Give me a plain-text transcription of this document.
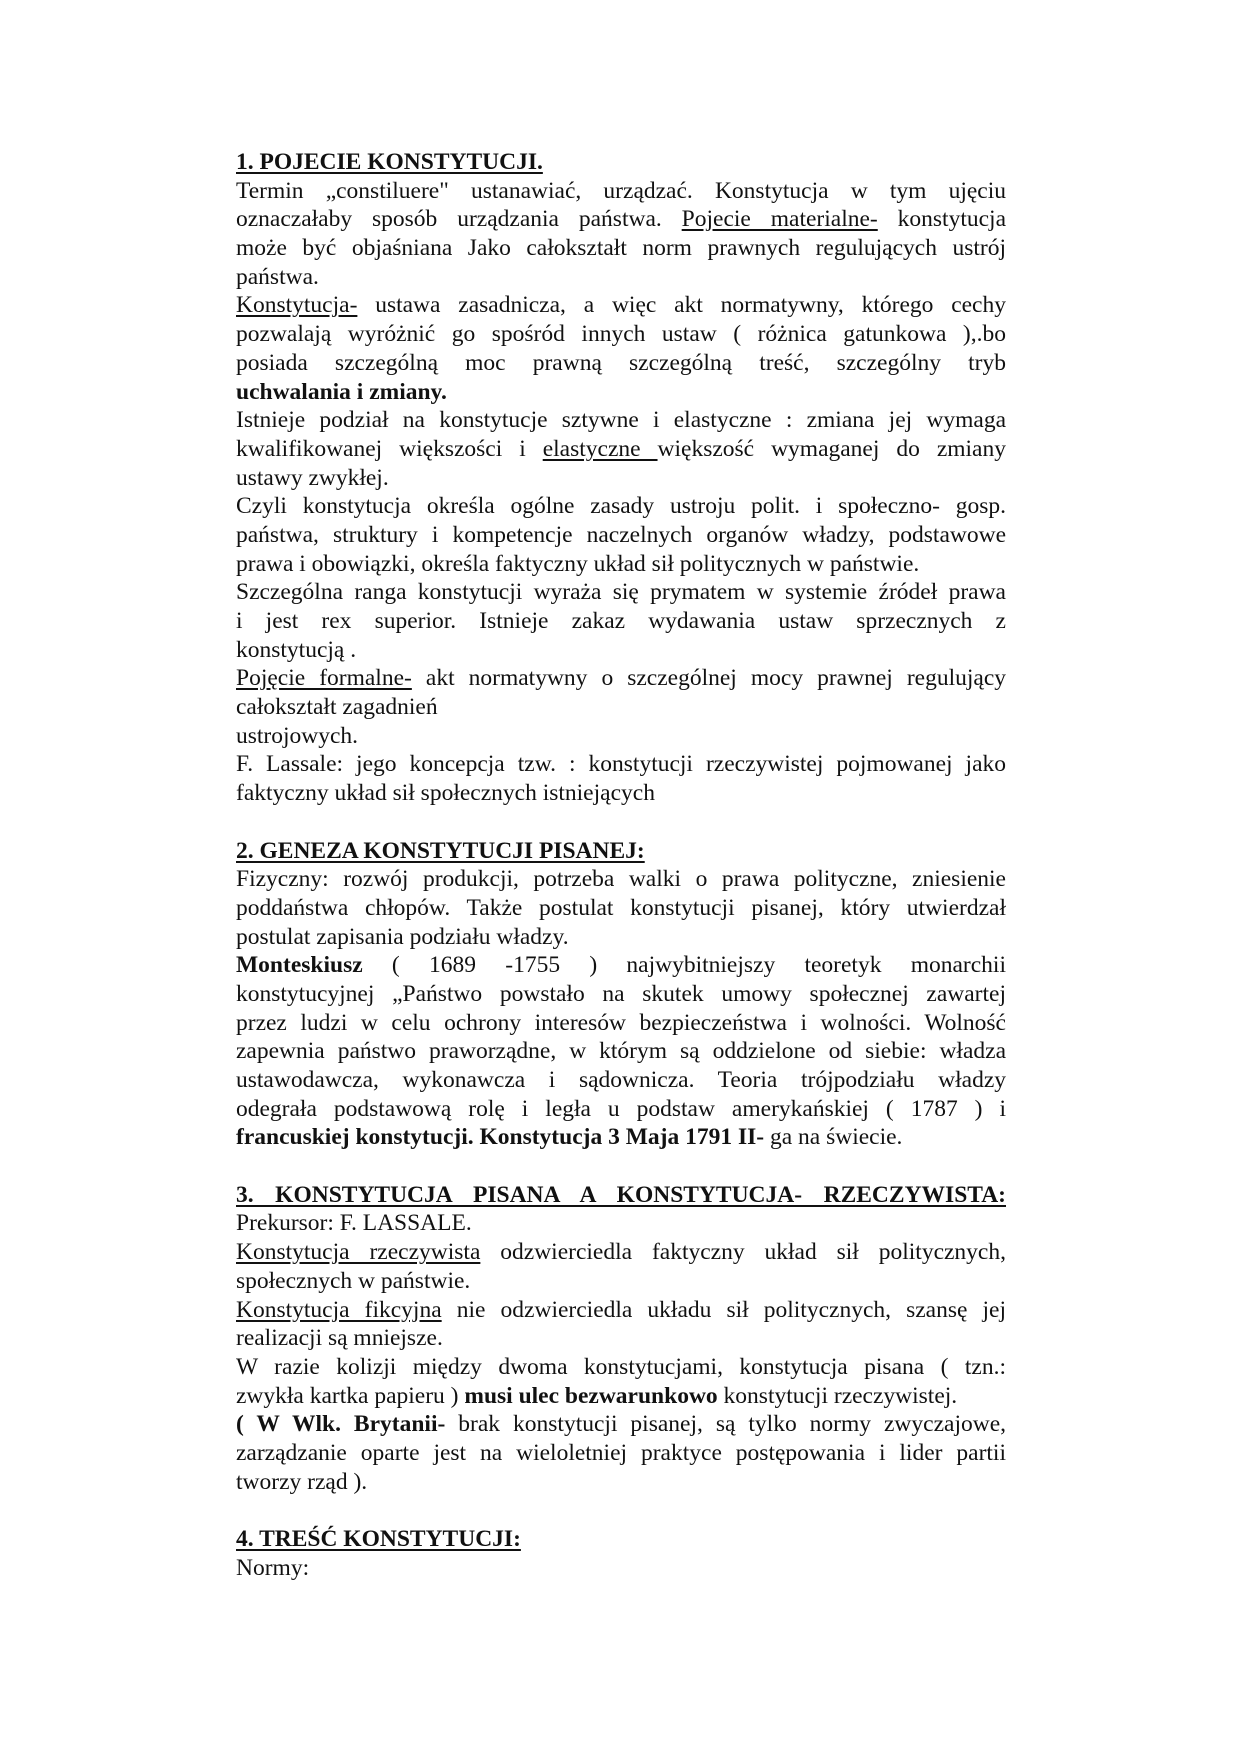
1. POJECIE KONSTYTUCJI.
Termin „constiluere" ustanawiać, urządzać. Konstytucja w tym ujęciu
oznaczałaby sposób urządzania państwa. Pojecie materialne- konstytucja
może być objaśniana Jako całokształt norm prawnych regulujących ustrój
państwa.
Konstytucja- ustawa zasadnicza, a więc akt normatywny, którego cechy
pozwalają wyróżnić go spośród innych ustaw ( różnica gatunkowa ),.bo
posiada szczególną moc prawną szczególną treść, szczególny tryb
uchwalania i zmiany.
Istnieje podział na konstytucje sztywne i elastyczne : zmiana jej wymaga
kwalifikowanej większości i elastyczne większość wymaganej do zmiany
ustawy zwykłej.
Czyli konstytucja określa ogólne zasady ustroju polit. i społeczno- gosp.
państwa, struktury i kompetencje naczelnych organów władzy, podstawowe
prawa i obowiązki, określa faktyczny układ sił politycznych w państwie.
Szczególna ranga konstytucji wyraża się prymatem w systemie źródeł prawa
i jest rex superior. Istnieje zakaz wydawania ustaw sprzecznych z
konstytucją .
Pojęcie formalne- akt normatywny o szczególnej mocy prawnej regulujący
całokształt zagadnień
ustrojowych.
F. Lassale: jego koncepcja tzw. : konstytucji rzeczywistej pojmowanej jako
faktyczny układ sił społecznych istniejących
2. GENEZA KONSTYTUCJI PISANEJ:
Fizyczny: rozwój produkcji, potrzeba walki o prawa polityczne, zniesienie
poddaństwa chłopów. Także postulat konstytucji pisanej, który utwierdzał
postulat zapisania podziału władzy.
Monteskiusz ( 1689 -1755 ) najwybitniejszy teoretyk monarchii
konstytucyjnej „Państwo powstało na skutek umowy społecznej zawartej
przez ludzi w celu ochrony interesów bezpieczeństwa i wolności. Wolność
zapewnia państwo praworządne, w którym są oddzielone od siebie: władza
ustawodawcza, wykonawcza i sądownicza. Teoria trójpodziału władzy
odegrała podstawową rolę i legła u podstaw amerykańskiej ( 1787 ) i
francuskiej konstytucji. Konstytucja 3 Maja 1791 II- ga na świecie.
3. KONSTYTUCJA PISANA A KONSTYTUCJA- RZECZYWISTA:
Prekursor: F. LASSALE.
Konstytucja rzeczywista odzwierciedla faktyczny układ sił politycznych,
społecznych w państwie.
Konstytucja fikcyjna nie odzwierciedla układu sił politycznych, szansę jej
realizacji są mniejsze.
W razie kolizji między dwoma konstytucjami, konstytucja pisana ( tzn.:
zwykła kartka papieru ) musi ulec bezwarunkowo konstytucji rzeczywistej.
( W Wlk. Brytanii- brak konstytucji pisanej, są tylko normy zwyczajowe,
zarządzanie oparte jest na wieloletniej praktyce postępowania i lider partii
tworzy rząd ).
4. TREŚĆ KONSTYTUCJI:
Normy:
